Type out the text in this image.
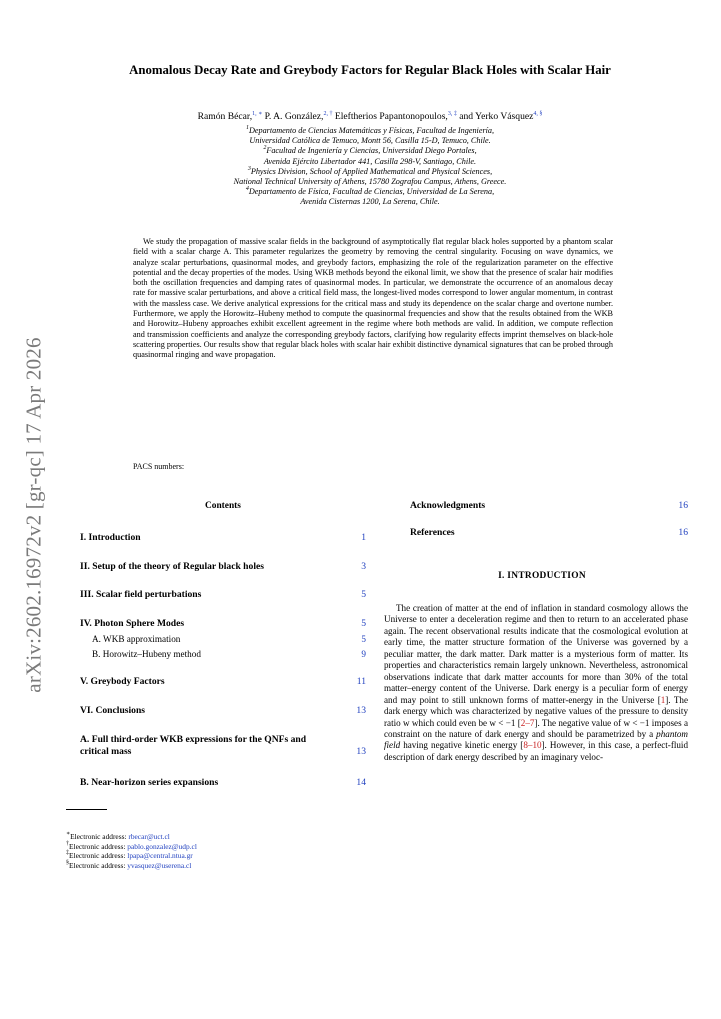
arXiv:2602.16972v2 [gr-qc] 17 Apr 2026
Anomalous Decay Rate and Greybody Factors for Regular Black Holes with Scalar Hair
Ramón Bécar,$^{1, ∗}$ P. A. González,$^{2, \dagger}$ Eleftherios Papantonopoulos,$^{3, \ddagger}$ and Yerko Vásquez$^{4, \S}$
$^1$Departamento de Ciencias Matemáticas y Físicas, Facultad de Ingeniería,
Universidad Católica de Temuco, Montt 56, Casilla 15-D, Temuco, Chile.
$^2$Facultad de Ingeniería y Ciencias, Universidad Diego Portales,
Avenida Ejército Libertador 441, Casilla 298-V, Santiago, Chile.
$^3$Physics Division, School of Applied Mathematical and Physical Sciences,
National Technical University of Athens, 15780 Zografou Campus, Athens, Greece.
$^4$Departamento de Física, Facultad de Ciencias, Universidad de La Serena,
Avenida Cisternas 1200, La Serena, Chile.
We study the propagation of massive scalar fields in the background of asymptotically flat regular black holes supported by a phantom scalar field with a scalar charge A. This parameter regularizes the geometry by removing the central singularity. Focusing on wave dynamics, we analyze scalar perturbations, quasinormal modes, and greybody factors, emphasizing the role of the regularization parameter on the effective potential and the decay properties of the modes. Using WKB methods beyond the eikonal limit, we show that the presence of scalar hair modifies both the oscillation frequencies and damping rates of quasinormal modes. In particular, we demonstrate the occurrence of an anomalous decay rate for massive scalar perturbations, and above a critical field mass, the longest-lived modes correspond to lower angular momentum, in contrast with the massless case. We derive analytical expressions for the critical mass and study its dependence on the scalar charge and overtone number. Furthermore, we apply the Horowitz–Hubeny method to compute the quasinormal frequencies and show that the results obtained from the WKB and Horowitz–Hubeny approaches exhibit excellent agreement in the regime where both methods are valid. In addition, we compute reflection and transmission coefficients and analyze the corresponding greybody factors, clarifying how regularity effects imprint themselves on black-hole scattering properties. Our results show that regular black holes with scalar hair exhibit distinctive dynamical signatures that can be probed through quasinormal ringing and wave propagation.
PACS numbers:
Contents
I. Introduction	1
II. Setup of the theory of Regular black holes	3
III. Scalar field perturbations	5
IV. Photon Sphere Modes	5
A. WKB approximation	5
B. Horowitz–Hubeny method	9
V. Greybody Factors	11
VI. Conclusions	13
A. Full third-order WKB expressions for the QNFs and critical mass	13
B. Near-horizon series expansions	14
Acknowledgments	16
References	16
∗Electronic address: rbecar@uct.cl
†Electronic address: pablo.gonzalez@udp.cl
‡Electronic address: lpapa@central.ntua.gr
§Electronic address: yvasquez@userena.cl
I. INTRODUCTION
The creation of matter at the end of inflation in standard cosmology allows the Universe to enter a deceleration regime and then to return to an accelerated phase again. The recent observational results indicate that the cosmological evolution at early time, the matter structure formation of the Universe was governed by a peculiar matter, the dark matter. Dark matter is a mysterious form of matter. Its properties and characteristics remain largely unknown. Nevertheless, astronomical observations indicate that dark matter accounts for more than 30% of the total matter–energy content of the Universe. Dark energy is a peculiar form of energy and may point to still unknown forms of matter-energy in the Universe [1]. The dark energy which was characterized by negative values of the pressure to density ratio w which could even be w < −1 [2–7]. The negative value of w < −1 imposes a constraint on the nature of dark energy and should be parametrized by a phantom field having negative kinetic energy [8–10]. However, in this case, a perfect-fluid description of dark energy described by an imaginary veloc-
